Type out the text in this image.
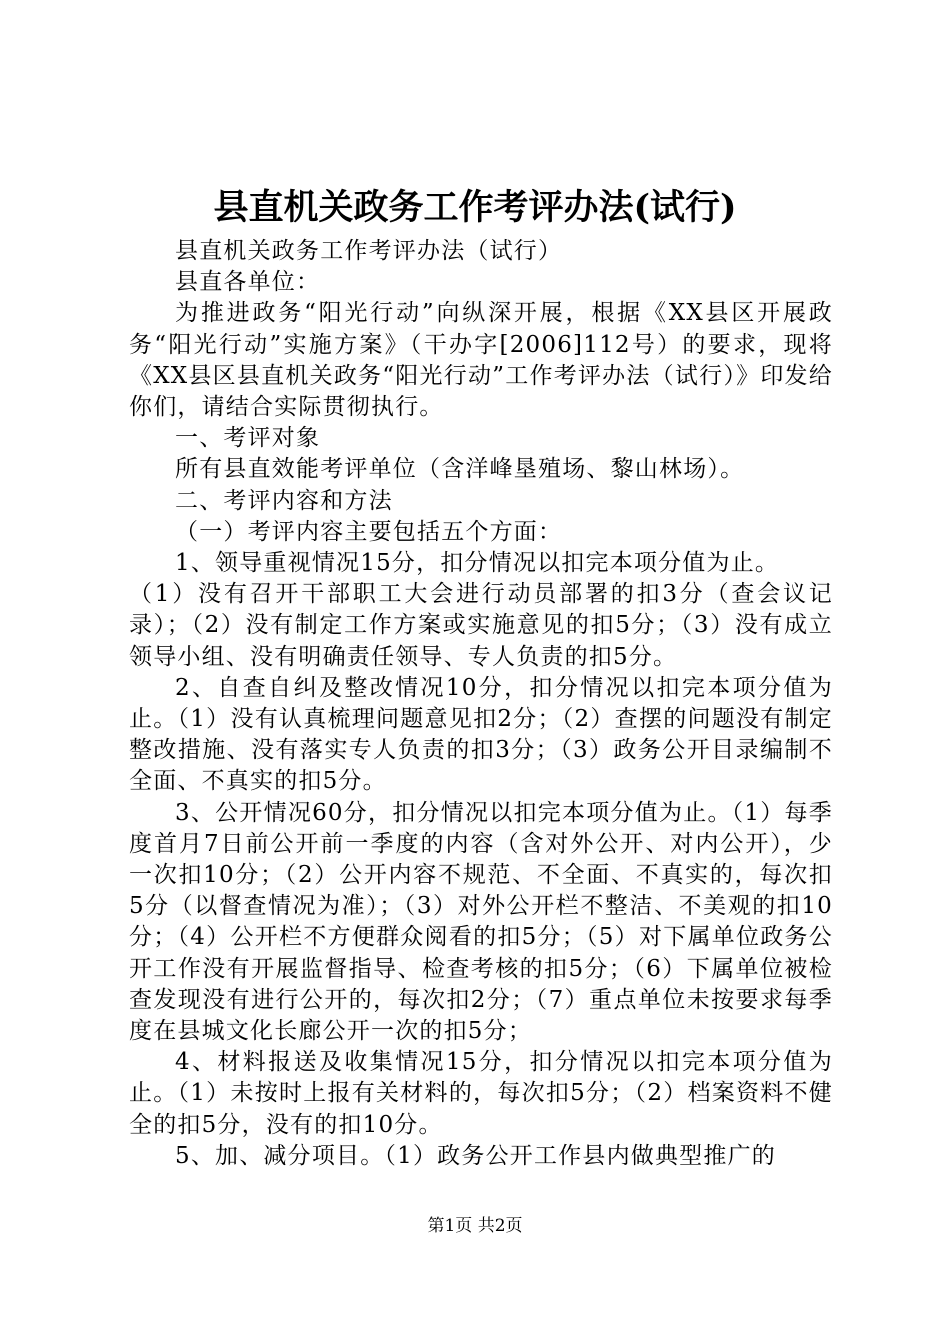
县直机关政务工作考评办法(试行)

县直机关政务工作考评办法（试行）

县直各单位：

为推进政务“阳光行动”向纵深开展，根据《XX县区开展政务“阳光行动”实施方案》（干办字[2006]112号）的要求，现将《XX县区县直机关政务“阳光行动”工作考评办法（试行）》印发给你们，请结合实际贯彻执行。

一、考评对象

所有县直效能考评单位（含洋峰垦殖场、黎山林场）。

二、考评内容和方法

（一）考评内容主要包括五个方面：

1、领导重视情况15分，扣分情况以扣完本项分值为止。

（1）没有召开干部职工大会进行动员部署的扣3分（查会议记录）；（2）没有制定工作方案或实施意见的扣5分；（3）没有成立领导小组、没有明确责任领导、专人负责的扣5分。

2、自查自纠及整改情况10分，扣分情况以扣完本项分值为止。（1）没有认真梳理问题意见扣2分；（2）查摆的问题没有制定整改措施、没有落实专人负责的扣3分；（3）政务公开目录编制不全面、不真实的扣5分。

3、公开情况60分，扣分情况以扣完本项分值为止。（1）每季度首月7日前公开前一季度的内容（含对外公开、对内公开），少一次扣10分；（2）公开内容不规范、不全面、不真实的，每次扣5分（以督查情况为准）；（3）对外公开栏不整洁、不美观的扣10分；（4）公开栏不方便群众阅看的扣5分；（5）对下属单位政务公开工作没有开展监督指导、检查考核的扣5分；（6）下属单位被检查发现没有进行公开的，每次扣2分；（7）重点单位未按要求每季度在县城文化长廊公开一次的扣5分；

4、材料报送及收集情况15分，扣分情况以扣完本项分值为止。（1）未按时上报有关材料的，每次扣5分；（2）档案资料不健全的扣5分，没有的扣10分。

5、加、减分项目。（1）政务公开工作县内做典型推广的

第1页 共2页
